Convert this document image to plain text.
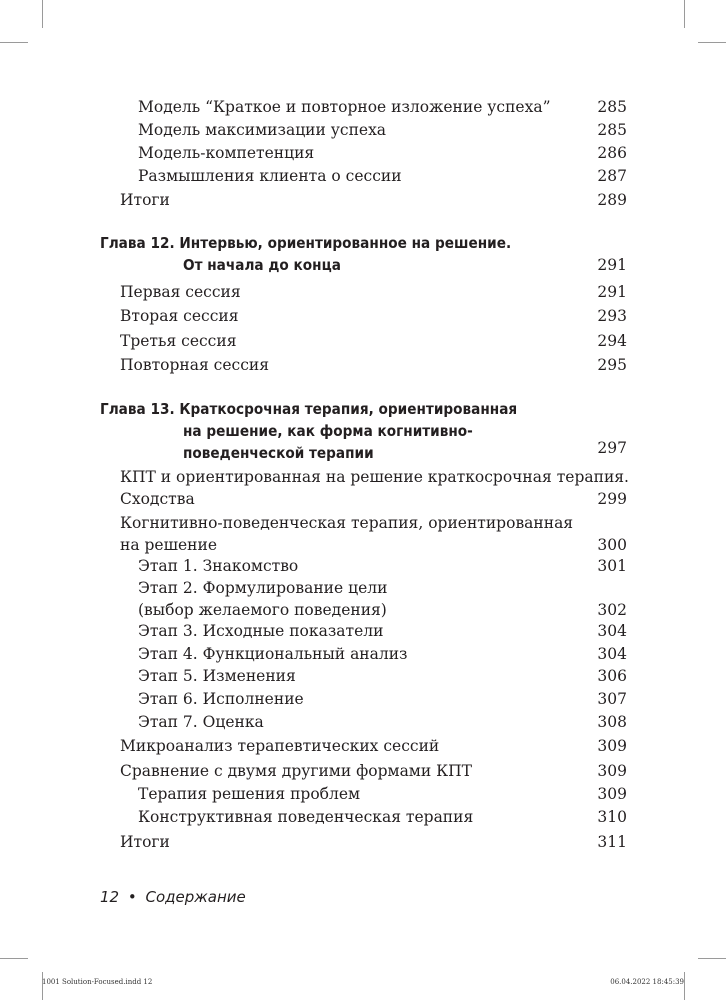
Модель “Краткое и повторное изложение успеха”	285
Модель максимизации успеха	285
Модель-компетенция	286
Размышления клиента о сессии	287
Итоги	289
Глава 12. Интервью, ориентированное на решение.
От начала до конца	291
Первая сессия	291
Вторая сессия	293
Третья сессия	294
Повторная сессия	295
Глава 13. Краткосрочная терапия, ориентированная
на решение, как форма когнитивно-
поведенческой терапии	297
КПТ и ориентированная на решение краткосрочная терапия.
Сходства	299
Когнитивно-поведенческая терапия, ориентированная
на решение	300
Этап 1. Знакомство	301
Этап 2. Формулирование цели
(выбор желаемого поведения)	302
Этап 3. Исходные показатели	304
Этап 4. Функциональный анализ	304
Этап 5. Изменения	306
Этап 6. Исполнение	307
Этап 7. Оценка	308
Микроанализ терапевтических сессий	309
Сравнение с двумя другими формами КПТ	309
Терапия решения проблем	309
Конструктивная поведенческая терапия	310
Итоги	311
12 • Содержание
1001 Solution-Focused.indd 12	06.04.2022 18:45:39
